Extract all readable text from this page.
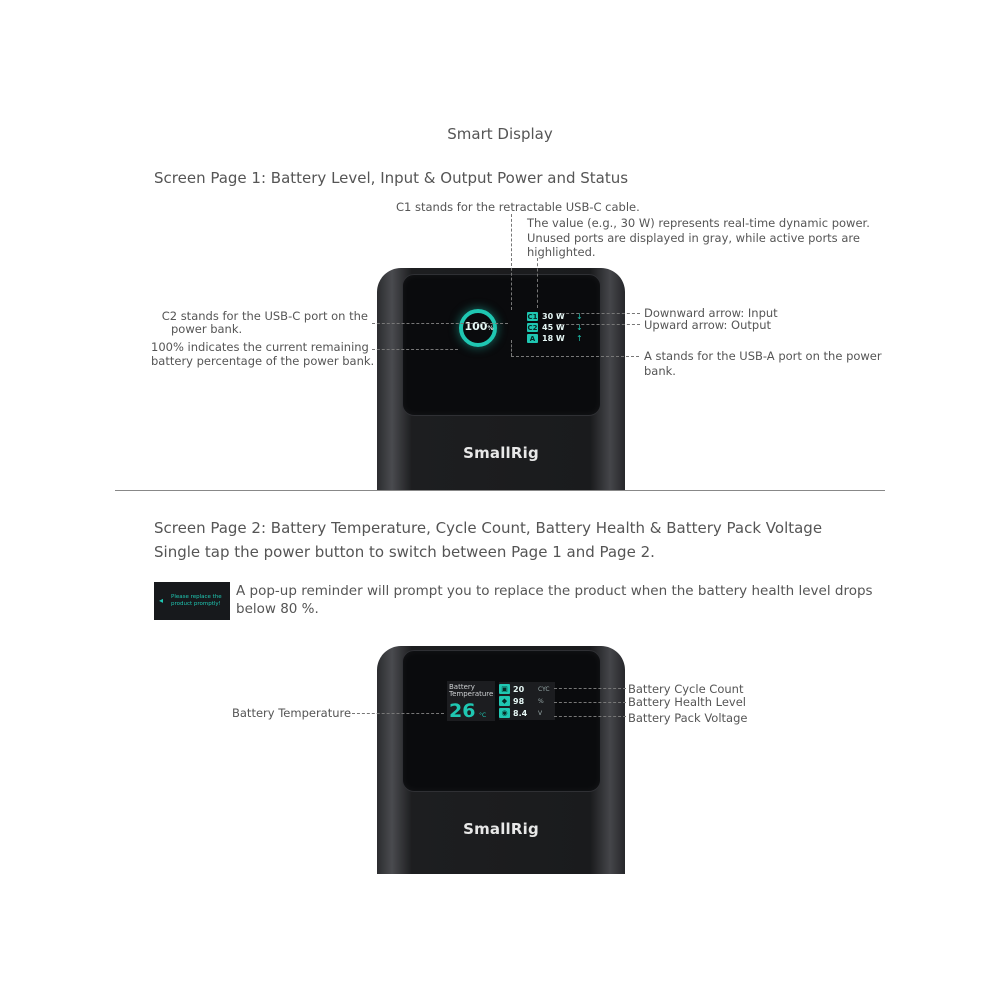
Smart Display
Screen Page 1: Battery Level, Input & Output Power and Status
C1 stands for the retractable USB-C cable.
The value (e.g., 30 W) represents real-time dynamic power.
Unused ports are displayed in gray, while active ports are
highlighted.
C2 stands for the USB-C port on the
power bank.
100% indicates the current remaining
battery percentage of the power bank.
Downward arrow: Input
Upward arrow: Output
A stands for the USB-A port on the power
bank.
100%
C1 30 W	↓
C2 45 W	↓
A 18 W	↑
SmallRig
Screen Page 2: Battery Temperature, Cycle Count, Battery Health & Battery Pack Voltage
Single tap the power button to switch between Page 1 and Page 2.
◂ Please replace the
product promptly!
A pop-up reminder will prompt you to replace the product when the battery health level drops
below 80 %.
Battery
Temperature
26 °C
▣ 20	CYC
◆ 98	%
◉ 8.4	V
SmallRig
Battery Temperature
Battery Cycle Count
Battery Health Level
Battery Pack Voltage
